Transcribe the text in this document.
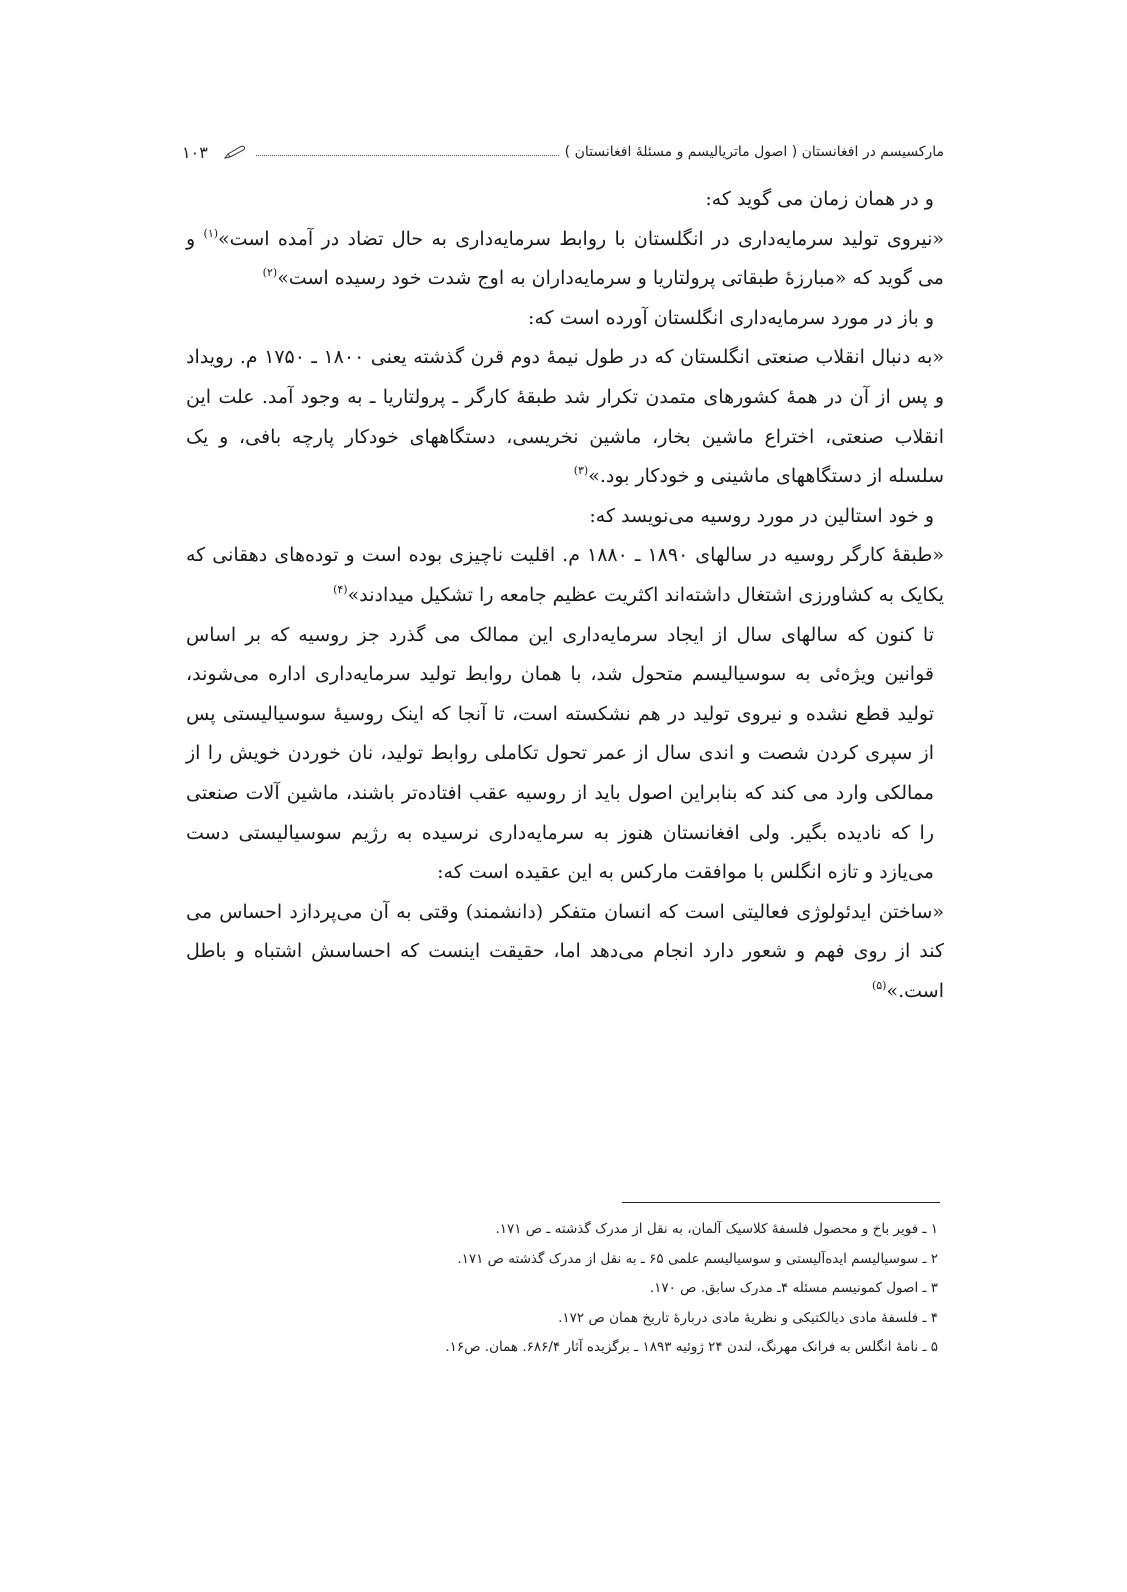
مارکسیسم در افغانستان ( اصول ماتریالیسم و مسئلهٔ افغانستان )
۱۰۳

و در همان زمان می گوید که:

«نیروی تولید سرمایه‌داری در انگلستان با روابط سرمایه‌داری به حال تضاد در آمده است»$^{(۱)}$ و می گوید که «مبارزهٔ طبقاتی پرولتاریا و سرمایه‌داران به اوج شدت خود رسیده است»$^{(۲)}$

و باز در مورد سرمایه‌داری انگلستان آورده است که:

«به دنبال انقلاب صنعتی انگلستان که در طول نیمهٔ دوم قرن گذشته یعنی ۱۸۰۰ ـ ۱۷۵۰ م. رویداد و پس از آن در همهٔ کشورهای متمدن تکرار شد طبقهٔ کارگر ـ پرولتاریا ـ به وجود آمد. علت این انقلاب صنعتی، اختراع ماشین بخار، ماشین نخریسی، دستگاههای خودکار پارچه بافی، و یک سلسله از دستگاههای ماشینی و خودکار بود.»$^{(۳)}$

و خود استالین در مورد روسیه می‌نویسد که:

«طبقهٔ کارگر روسیه در سالهای ۱۸۹۰ ـ ۱۸۸۰ م. اقلیت ناچیزی بوده است و توده‌های دهقانی که یکایک به کشاورزی اشتغال داشته‌اند اکثریت عظیم جامعه را تشکیل میدادند»$^{(۴)}$

تا کنون که سالهای سال از ایجاد سرمایه‌داری این ممالک می گذرد جز روسیه که بر اساس قوانین ویژه‌ئی به سوسیالیسم متحول شد، با همان روابط تولید سرمایه‌داری اداره می‌شوند، تولید قطع نشده و نیروی تولید در هم نشکسته است، تا آنجا که اینک روسیهٔ سوسیالیستی پس از سپری کردن شصت و اندی سال از عمر تحول تکاملی روابط تولید، نان خوردن خویش را از ممالکی وارد می کند که بنابراین اصول باید از روسیه عقب افتاده‌تر باشند، ماشین آلات صنعتی را که نادیده بگیر. ولی افغانستان هنوز به سرمایه‌داری نرسیده به رژیم سوسیالیستی دست می‌یازد و تازه انگلس با موافقت مارکس به این عقیده است که:

«ساختن ایدئولوژی فعالیتی است که انسان متفکر (دانشمند) وقتی به آن می‌پردازد احساس می کند از روی فهم و شعور دارد انجام می‌دهد اما، حقیقت اینست که احساسش اشتباه و باطل است.»$^{(۵)}$

۱ ـ فویر باخ و محصول فلسفهٔ کلاسیک آلمان، به نقل از مدرک گذشته ـ ص ۱۷۱.
۲ ـ سوسیالیسم ایده‌آلیستی و سوسیالیسم علمی ۶۵ ـ به نقل از مدرک گذشته ص ۱۷۱.
۳ ـ اصول کمونیسم مسئله ۴ـ مدرک سابق. ص ۱۷۰.
۴ ـ فلسفهٔ مادی دیالکتیکی و نظریهٔ مادی دربارهٔ تاریخ همان ص ۱۷۲.
۵ ـ نامهٔ انگلس به فرانک مهرنگ، لندن ۲۴ ژوئیه ۱۸۹۳ ـ برگزیده آثار ۶۸۶/۴. همان. ص۱۶.
